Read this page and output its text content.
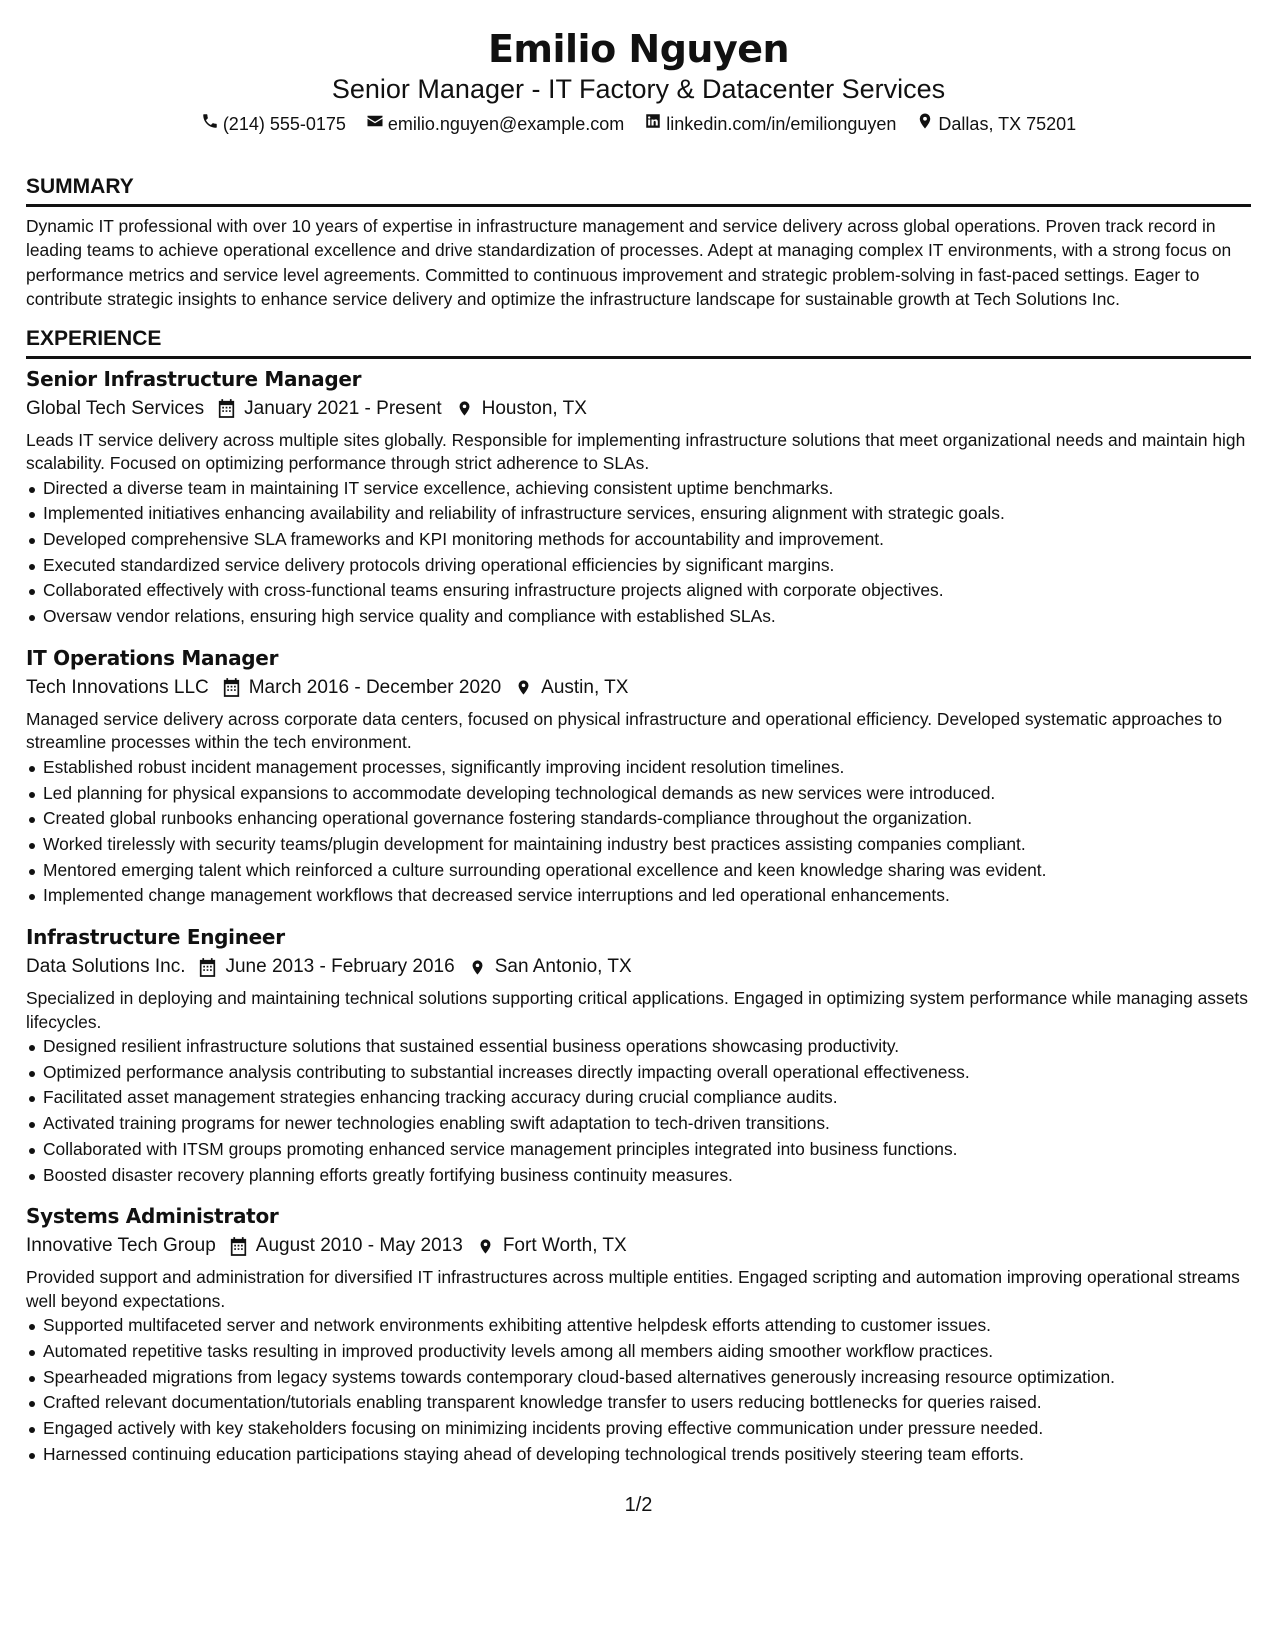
Emilio Nguyen

Senior Manager - IT Factory & Datacenter Services

(214) 555-0175 emilio.nguyen@example.com linkedin.com/in/emilionguyen Dallas, TX 75201
SUMMARY

Dynamic IT professional with over 10 years of expertise in infrastructure management and service delivery across global operations. Proven track record in leading teams to achieve operational excellence and drive standardization of processes. Adept at managing complex IT environments, with a strong focus on performance metrics and service level agreements. Committed to continuous improvement and strategic problem-solving in fast-paced settings. Eager to contribute strategic insights to enhance service delivery and optimize the infrastructure landscape for sustainable growth at Tech Solutions Inc.

EXPERIENCE
Senior Infrastructure Manager
Global Tech Services January 2021 - Present Houston, TX

Leads IT service delivery across multiple sites globally. Responsible for implementing infrastructure solutions that meet organizational needs and maintain high scalability. Focused on optimizing performance through strict adherence to SLAs.

Directed a diverse team in maintaining IT service excellence, achieving consistent uptime benchmarks.
Implemented initiatives enhancing availability and reliability of infrastructure services, ensuring alignment with strategic goals.
Developed comprehensive SLA frameworks and KPI monitoring methods for accountability and improvement.
Executed standardized service delivery protocols driving operational efficiencies by significant margins.
Collaborated effectively with cross-functional teams ensuring infrastructure projects aligned with corporate objectives.
Oversaw vendor relations, ensuring high service quality and compliance with established SLAs.
IT Operations Manager
Tech Innovations LLC March 2016 - December 2020 Austin, TX

Managed service delivery across corporate data centers, focused on physical infrastructure and operational efficiency. Developed systematic approaches to streamline processes within the tech environment.

Established robust incident management processes, significantly improving incident resolution timelines.
Led planning for physical expansions to accommodate developing technological demands as new services were introduced.
Created global runbooks enhancing operational governance fostering standards-compliance throughout the organization.
Worked tirelessly with security teams/plugin development for maintaining industry best practices assisting companies compliant.
Mentored emerging talent which reinforced a culture surrounding operational excellence and keen knowledge sharing was evident.
Implemented change management workflows that decreased service interruptions and led operational enhancements.
Infrastructure Engineer
Data Solutions Inc. June 2013 - February 2016 San Antonio, TX

Specialized in deploying and maintaining technical solutions supporting critical applications. Engaged in optimizing system performance while managing assets lifecycles.

Designed resilient infrastructure solutions that sustained essential business operations showcasing productivity.
Optimized performance analysis contributing to substantial increases directly impacting overall operational effectiveness.
Facilitated asset management strategies enhancing tracking accuracy during crucial compliance audits.
Activated training programs for newer technologies enabling swift adaptation to tech-driven transitions.
Collaborated with ITSM groups promoting enhanced service management principles integrated into business functions.
Boosted disaster recovery planning efforts greatly fortifying business continuity measures.
Systems Administrator
Innovative Tech Group August 2010 - May 2013 Fort Worth, TX

Provided support and administration for diversified IT infrastructures across multiple entities. Engaged scripting and automation improving operational streams well beyond expectations.

Supported multifaceted server and network environments exhibiting attentive helpdesk efforts attending to customer issues.
Automated repetitive tasks resulting in improved productivity levels among all members aiding smoother workflow practices.
Spearheaded migrations from legacy systems towards contemporary cloud-based alternatives generously increasing resource optimization.
Crafted relevant documentation/tutorials enabling transparent knowledge transfer to users reducing bottlenecks for queries raised.
Engaged actively with key stakeholders focusing on minimizing incidents proving effective communication under pressure needed.
Harnessed continuing education participations staying ahead of developing technological trends positively steering team efforts.
1/2
